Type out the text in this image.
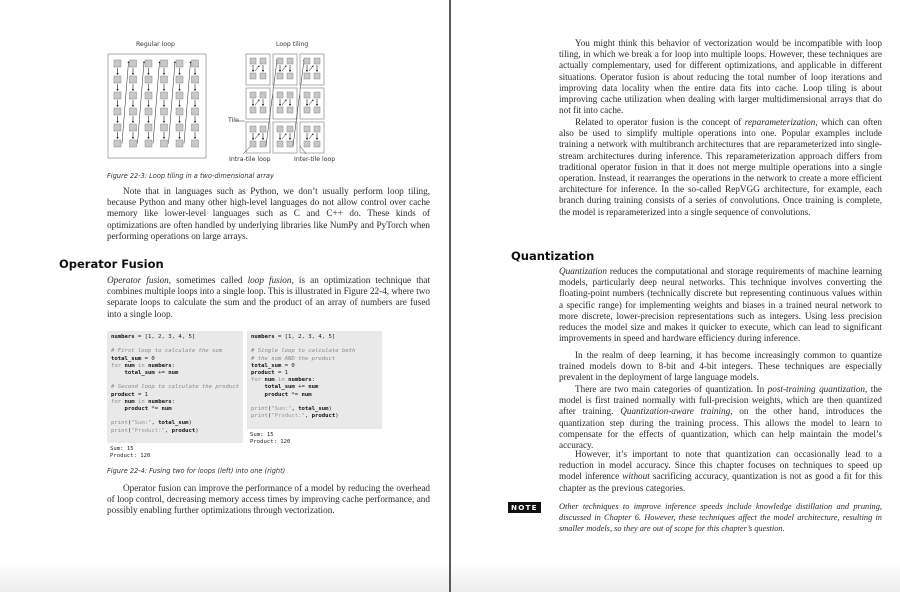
Regular loop	Loop tiling
Tile
Intra-tile loop	Inter-tile loop
Figure 22-3: Loop tiling in a two-dimensional array
Note that in languages such as Python, we don’t usually perform loop tiling, because Python and many other high-level languages do not allow control over cache memory like lower-level languages such as C and C++ do. These kinds of optimizations are often handled by underlying libraries like NumPy and PyTorch when performing operations on large arrays.
Operator Fusion
Operator fusion, sometimes called loop fusion, is an optimization technique that combines multiple loops into a single loop. This is illustrated in Figure 22-4, where two separate loops to calculate the sum and the product of an array of numbers are fused into a single loop.
numbers = [1, 2, 3, 4, 5]

# First loop to calculate the sum
total_sum = 0
for num in numbers:
total_sum += num

# Second loop to calculate the product
product = 1
for num in numbers:
product *= num

print("Sum:", total_sum)
print("Product:", product)
Sum: 15
Product: 120
numbers = [1, 2, 3, 4, 5]

# Single loop to calculate both
# the sum AND the product
total_sum = 0
product = 1
for num in numbers:
total_sum += num
product *= num

print("Sum:", total_sum)
print("Product:", product)
Sum: 15
Product: 120
Figure 22-4: Fusing two for loops (left) into one (right)
Operator fusion can improve the performance of a model by reducing the overhead of loop control, decreasing memory access times by improving cache performance, and possibly enabling further optimizations through vectorization.
You might think this behavior of vectorization would be incompatible with loop tiling, in which we break a for loop into multiple loops. However, these techniques are actually complementary, used for different optimizations, and applicable in different situations. Operator fusion is about reducing the total number of loop iterations and improving data locality when the entire data fits into cache. Loop tiling is about improving cache utilization when dealing with larger multidimensional arrays that do not fit into cache.
Related to operator fusion is the concept of reparameterization, which can often also be used to simplify multiple operations into one. Popular examples include training a network with multibranch architectures that are reparameterized into single-stream architectures during inference. This reparameterization approach differs from traditional operator fusion in that it does not merge multiple operations into a single operation. Instead, it rearranges the operations in the network to create a more efficient architecture for inference. In the so-called RepVGG architecture, for example, each branch during training consists of a series of convolutions. Once training is complete, the model is reparameterized into a single sequence of convolutions.
Quantization
Quantization reduces the computational and storage requirements of machine learning models, particularly deep neural networks. This technique involves converting the floating-point numbers (technically discrete but representing continuous values within a specific range) for implementing weights and biases in a trained neural network to more discrete, lower-precision representations such as integers. Using less precision reduces the model size and makes it quicker to execute, which can lead to significant improvements in speed and hardware efficiency during inference.
In the realm of deep learning, it has become increasingly common to quantize trained models down to 8-bit and 4-bit integers. These techniques are especially prevalent in the deployment of large language models.
There are two main categories of quantization. In post-training quantization, the model is first trained normally with full-precision weights, which are then quantized after training. Quantization-aware training, on the other hand, introduces the quantization step during the training process. This allows the model to learn to compensate for the effects of quantization, which can help maintain the model’s accuracy.
However, it’s important to note that quantization can occasionally lead to a reduction in model accuracy. Since this chapter focuses on techniques to speed up model inference without sacrificing accuracy, quantization is not as good a fit for this chapter as the previous categories.
NOTE	Other techniques to improve inference speeds include knowledge distillation and pruning, discussed in Chapter 6. However, these techniques affect the model architecture, resulting in smaller models, so they are out of scope for this chapter’s question.
